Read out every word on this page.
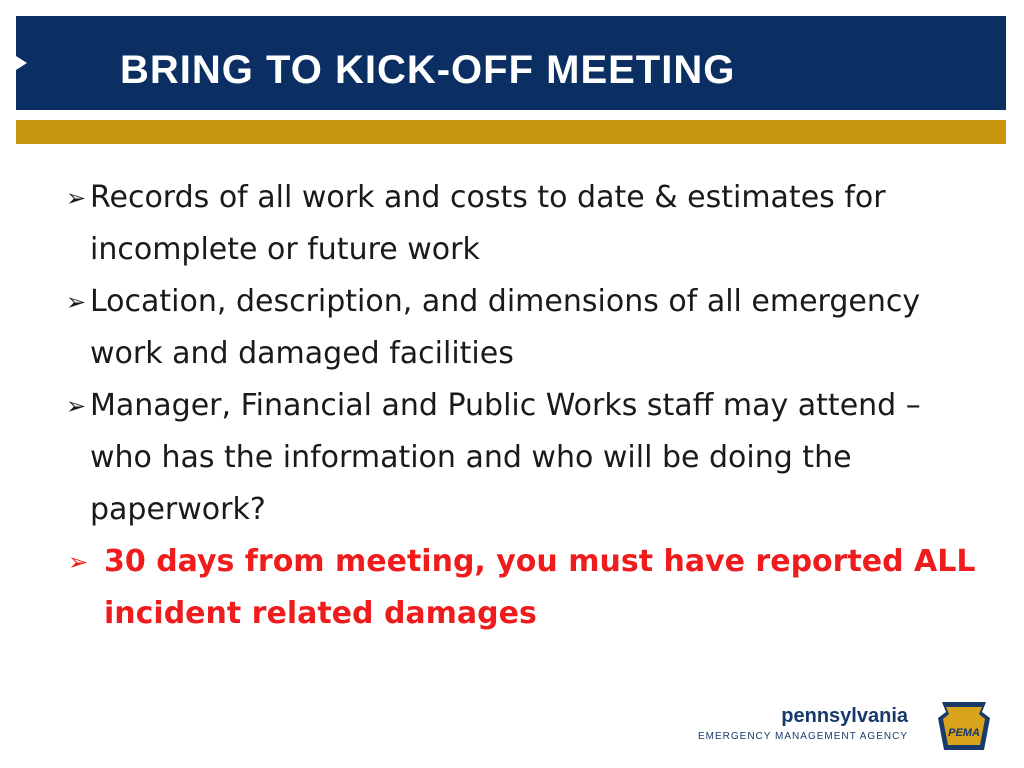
BRING TO KICK-OFF MEETING
➢ Records of all work and costs to date & estimates for incomplete or future work
➢ Location, description, and dimensions of all emergency work and damaged facilities
➢ Manager, Financial and Public Works staff may attend – who has the information and who will be doing the paperwork?
➢ 30 days from meeting, you must have reported ALL incident related damages
pennsylvania
EMERGENCY MANAGEMENT AGENCY	PEMA
